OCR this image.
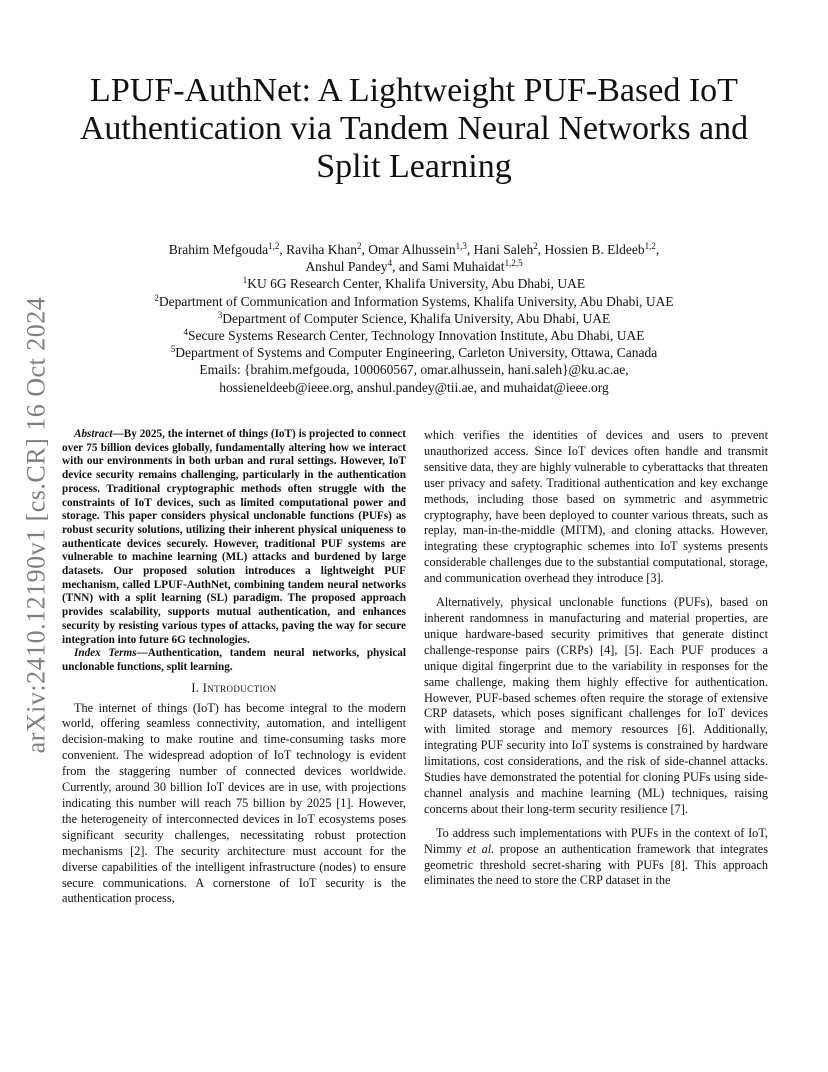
arXiv:2410.12190v1 [cs.CR] 16 Oct 2024
LPUF-AuthNet: A Lightweight PUF-Based IoT
Authentication via Tandem Neural Networks and
Split Learning
Brahim Mefgouda$^{1,2}$, Raviha Khan$^2$, Omar Alhussein$^{1,3}$, Hani Saleh$^2$, Hossien B. Eldeeb$^{1,2}$,
Anshul Pandey$^4$, and Sami Muhaidat$^{1,2,5}$
$^1$KU 6G Research Center, Khalifa University, Abu Dhabi, UAE
$^2$Department of Communication and Information Systems, Khalifa University, Abu Dhabi, UAE
$^3$Department of Computer Science, Khalifa University, Abu Dhabi, UAE
$^4$Secure Systems Research Center, Technology Innovation Institute, Abu Dhabi, UAE
$^5$Department of Systems and Computer Engineering, Carleton University, Ottawa, Canada
Emails: {brahim.mefgouda, 100060567, omar.alhussein, hani.saleh}@ku.ac.ae,
hossieneldeeb@ieee.org, anshul.pandey@tii.ae, and muhaidat@ieee.org

Abstract—By 2025, the internet of things (IoT) is projected to connect over 75 billion devices globally, fundamentally altering how we interact with our environments in both urban and rural settings. However, IoT device security remains challenging, particularly in the authentication process. Traditional cryptographic methods often struggle with the constraints of IoT devices, such as limited computational power and storage. This paper considers physical unclonable functions (PUFs) as robust security solutions, utilizing their inherent physical uniqueness to authenticate devices securely. However, traditional PUF systems are vulnerable to machine learning (ML) attacks and burdened by large datasets. Our proposed solution introduces a lightweight PUF mechanism, called LPUF-AuthNet, combining tandem neural networks (TNN) with a split learning (SL) paradigm. The proposed approach provides scalability, supports mutual authentication, and enhances security by resisting various types of attacks, paving the way for secure integration into future 6G technologies.

Index Terms—Authentication, tandem neural networks, physical unclonable functions, split learning.

I. Introduction

The internet of things (IoT) has become integral to the modern world, offering seamless connectivity, automation, and intelligent decision-making to make routine and time-consuming tasks more convenient. The widespread adoption of IoT technology is evident from the staggering number of connected devices worldwide. Currently, around 30 billion IoT devices are in use, with projections indicating this number will reach 75 billion by 2025 [1]. However, the heterogeneity of interconnected devices in IoT ecosystems poses significant security challenges, necessitating robust protection mechanisms [2]. The security architecture must account for the diverse capabilities of the intelligent infrastructure (nodes) to ensure secure communications. A cornerstone of IoT security is the authentication process,

which verifies the identities of devices and users to prevent unauthorized access. Since IoT devices often handle and transmit sensitive data, they are highly vulnerable to cyberattacks that threaten user privacy and safety. Traditional authentication and key exchange methods, including those based on symmetric and asymmetric cryptography, have been deployed to counter various threats, such as replay, man-in-the-middle (MITM), and cloning attacks. However, integrating these cryptographic schemes into IoT systems presents considerable challenges due to the substantial computational, storage, and communication overhead they introduce [3].

Alternatively, physical unclonable functions (PUFs), based on inherent randomness in manufacturing and material properties, are unique hardware-based security primitives that generate distinct challenge-response pairs (CRPs) [4], [5]. Each PUF produces a unique digital fingerprint due to the variability in responses for the same challenge, making them highly effective for authentication. However, PUF-based schemes often require the storage of extensive CRP datasets, which poses significant challenges for IoT devices with limited storage and memory resources [6]. Additionally, integrating PUF security into IoT systems is constrained by hardware limitations, cost considerations, and the risk of side-channel attacks. Studies have demonstrated the potential for cloning PUFs using side-channel analysis and machine learning (ML) techniques, raising concerns about their long-term security resilience [7].

To address such implementations with PUFs in the context of IoT, Nimmy et al. propose an authentication framework that integrates geometric threshold secret-sharing with PUFs [8]. This approach eliminates the need to store the CRP dataset in the
